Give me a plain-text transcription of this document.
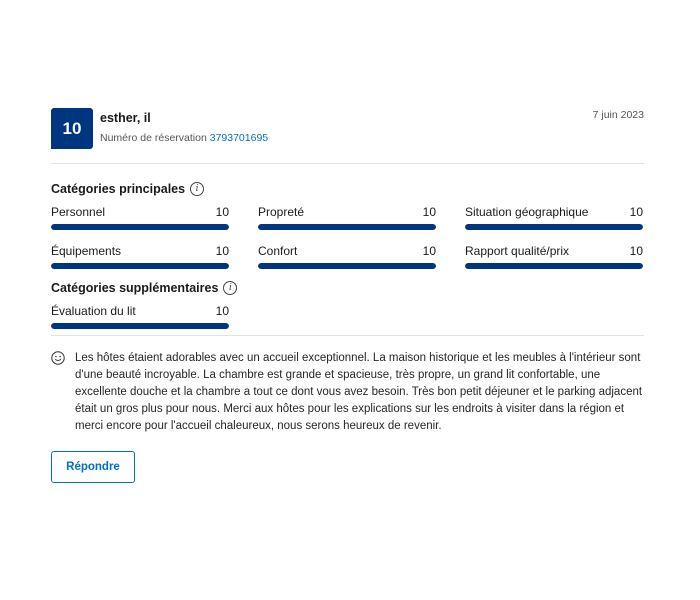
10
esther, il
Numéro de réservation 3793701695
7 juin 2023
Catégories principales	i
Personnel	10 Propreté	10 Situation géographique	10
Équipements	10 Confort	10 Rapport qualité/prix	10
Catégories supplémentaires	i
Évaluation du lit	10
Les hôtes étaient adorables avec un accueil exceptionnel. La maison historique et les meubles à l'intérieur sont d'une beauté incroyable. La chambre est grande et spacieuse, très propre, un grand lit confortable, une excellente douche et la chambre a tout ce dont vous avez besoin. Très bon petit déjeuner et le parking adjacent était un gros plus pour nous. Merci aux hôtes pour les explications sur les endroits à visiter dans la région et merci encore pour l'accueil chaleureux, nous serons heureux de revenir.
Répondre
